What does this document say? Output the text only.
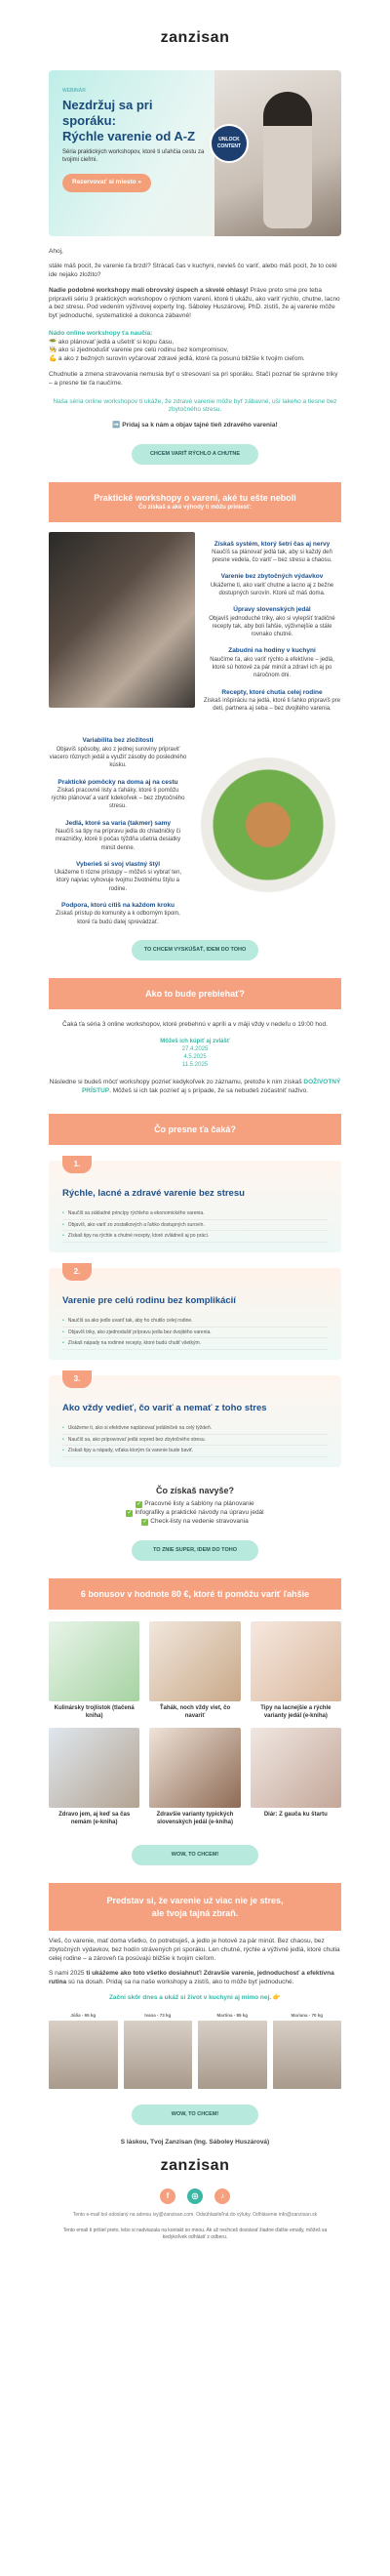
zanzisan
UNLOCK CONTENT
WEBINÁR
Nezdržuj sa pri sporáku:
Rýchle varenie od A-Z

Séria praktických workshopov, ktoré ti uľahčia cestu za tvojimi cieľmi.

Rezervovať si miesto »

Ahoj,

stále máš pocit, že varenie ťa brzdí? Strácaš čas v kuchyni, nevieš čo variť, alebo máš pocit, že to celé ide nejako zložito?

Nadie podobné workshopy mali obrovský úspech a skvelé ohlasy! Práve preto sme pre teba pripravili sériu 3 praktických workshopov o rýchlom varení, ktoré ti ukážu, ako variť rýchlo, chutne, lacno a bez stresu. Pod vedením výživovej experty Ing. Sáboley Huszárovej, PhD. zistíš, že aj varenie môže byť jednoduché, systematické a dokonca zábavné!

Nádo online workshopy ťa naučia:

🥗 ako plánovať jedlá a ušetriť si kopu času,

👨‍🍳 ako si zjednodušiť varenie pre celú rodinu bez kompromisov,

💪 a ako z bežných surovín vyčarovať zdravé jedlá, ktoré ťa posunú bližšie k tvojim cieľom.

Chudnutie a zmena stravovania nemusia byť o stresovaní sa pri sporáku. Stačí poznať tie správne triky – a presne tie ťa naučíme.

Naša séria online workshopov ti ukáže, že zdravé varenie môže byť zábavné, uší lakeho a tiesne bez zbytočného stresu.

➡️ Pridaj sa k nám a objav tajné tieň zdravého varenia!

CHCEM VARIŤ RÝCHLO A CHUTNE
Praktické workshopy o varení, aké tu ešte neboli
Čo získaš a aké výhody ti môžu priniesť:
Získaš systém, ktorý šetrí čas aj nervy
Naučíš sa plánovať jedlá tak, aby si každý deň presne vedela, čo variť – bez stresu a chaosu.
Varenie bez zbytočných výdavkov
Ukážeme ti, ako variť chutne a lacno aj z bežne dostupných surovín. Ktoré už máš doma.
Úpravy slovenských jedál
Objavíš jednoduché triky, ako si vylepšiť tradičné recepty tak, aby boli ľahšie, výživnejšie a stále rovnako chutné.
Zabudni na hodiny v kuchyni
Naučíme ťa, ako variť rýchlo a efektívne – jedlá, ktoré sú hotové za pár minút a zdraví ich aj po náročnom dni.
Recepty, ktoré chutia celej rodine
Získaš inšpiráciu na jedlá, ktoré ti ľahko pripravíš pre deti, partnera aj seba – bez dvojitého varenia.
Variabilita bez zložitosti
Objavíš spôsoby, ako z jednej suroviny pripraviť viacero rôznych jedál a využiť zásoby do posledného kúsku.
Praktické pomôcky na doma aj na cestu
Získaš pracovné listy a ťaháky, ktoré ti pomôžu rýchlo plánovať a variť kdekoľvek – bez zbytočného stresu.
Jedlá, ktoré sa varia (takmer) samy
Naučíš sa tipy na prípravu jedla do chladničky či mrazničky, ktoré ti počas týždňa ušetria desiatky minút denne.
Vyberieš si svoj vlastný štýl
Ukážeme ti rôzne prístupy – môžeš si vybrať ten, ktorý najviac vyhovuje tvojmu životnému štýlu a rodine.
Podpora, ktorú cítiš na každom kroku
Získaš prístup do komunity a k odborným tipom, ktoré ťa budú ďalej sprevádzať.
TO CHCEM VYSKÚŠAŤ, IDEM DO TOHO
Ako to bude prebiehať?

Čaká ťa séria 3 online workshopov, ktoré prebehnú v apríli a v máji vždy v nedeľu o 19:00 hod.

Môžeš ich kúpiť aj zvlášť

27.4.2025

4.5.2025

11.5.2025

Následne si budeš môcť workshopy pozrieť kedykoľvek zo záznamu, pretože k nim získaš DOŽIVOTNÝ PRÍSTUP. Môžeš si ich tak pozrieť aj s prípade, že sa nebudeš zúčastniť naživo.

Čo presne ťa čaká?
1.
Rýchle, lacné a zdravé varenie bez stresu
• Naučíš sa základné princípy rýchleho a ekonomického varenia.
• Objavíš, ako variť zo zostatkových a ľahko dostupných surovín.
• Získaš tipy na rýchle a chutné recepty, ktoré zvládneš aj po práci.
2.
Varenie pre celú rodinu bez komplikácií
• Naučíš sa ako jedlo uvariť tak, aby ho chutilo celej rodine.
• Objavíš triky, ako zjednodušiť prípravu jedla bez dvojitého varenia.
• Získaš nápady na rodinné recepty, ktoré budú chutiť všetkým.
3.
Ako vždy vedieť, čo variť a nemať z toho stres
• Ukážeme ti, ako si efektívne naplánovať jedálniček na celý týždeň.
• Naučíš sa, ako pripravovať jedlá vopred bez zbytočného stresu.
• Získaš tipy a nápady, vďaka ktorým ťa varenie bude baviť.
Čo získaš navyše?
✓ Pracovné listy a šablóny na plánovanie
✓ Infografiky a praktické návody na úpravu jedál
✓ Check-listy na vedenie stravovania
TO ZNIE SUPER, IDEM DO TOHO
6 bonusov v hodnote 80 €, ktoré ti pomôžu variť ľahšie
Kulinársky trojlístok (tlačená kniha)
Ťahák, noch vždy viet, čo navariť
Tipy na lacnejšie a rýchle varianty jedál (e-kniha)
Zdravo jem, aj keď sa čas nemám (e-kniha)
Zdravšie varianty typických slovenských jedál (e-kniha)
Diár: Z gauča ku štartu
WOW, TO CHCEM!
Predstav si, že varenie už viac nie je stres,
ale tvoja tajná zbraň.

Vieš, čo varenie, mať doma všetko, čo potrebuješ, a jedlo je hotové za pár minút. Bez chaosu, bez zbytočných výdavkov, bez hodín strávených pri sporáku. Len chutné, rýchle a výživné jedlá, ktoré chutia celej rodine – a zároveň ťa posúvajú bližšie k tvojim cieľom.

S nami 2025 ti ukážeme ako toto všetko dosiahnuť! Zdravšie varenie, jednoduchosť a efektívna rutina sú na dosah. Pridaj sa na naše workshopy a zistíš, ako to môže byť jednoduché.

Začni skôr dnes a ukáž si život v kuchyni aj mimo nej. 👉

Júlia - 65 kg	Ivana - 73 kg	Martina - 85 kg	Mariana - 70 kg
WOW, TO CHCEM!

S láskou, Tvoj Zanzisan (Ing. Sáboley Huszárová)

zanzisan
f	◎	♪

Tento e-mail bol odoslaný na adresu ivy@zanzisan.com. Odsúhlasiteľná do výluky. Odhlásenie info@zanzisan.sk

Tento email ti prišiel preto, lebo si nadviazala na kontakt so mnou. Ak už nechceš dostávať žiadne ďalšie emaily, môžeš sa kedykoľvek odhlásiť z odberu.
